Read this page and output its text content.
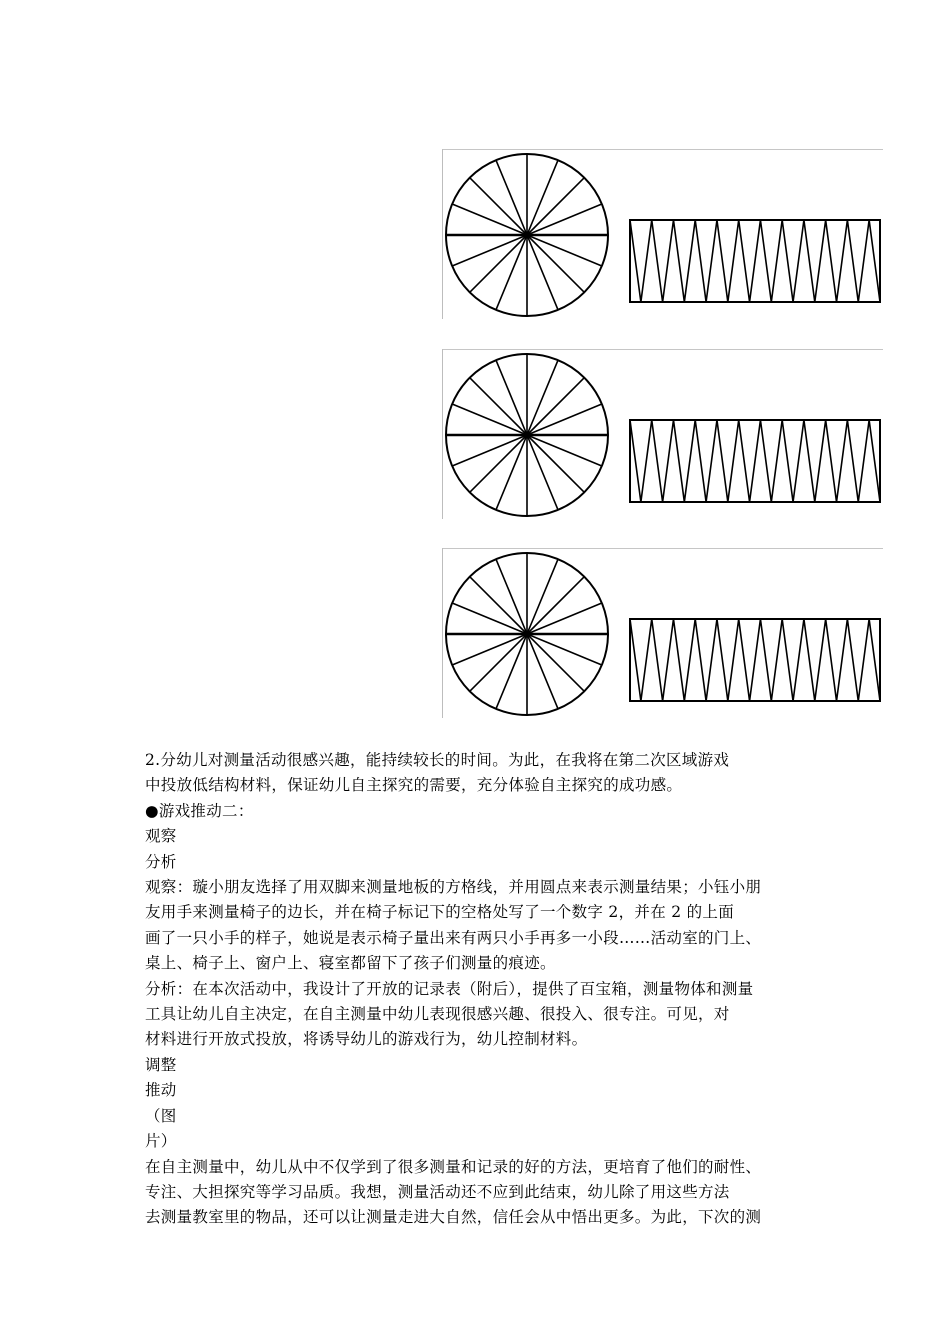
2.分幼儿对测量活动很感兴趣，能持续较长的时间。为此，在我将在第二次区域游戏

中投放低结构材料，保证幼儿自主探究的需要，充分体验自主探究的成功感。

●游戏推动二：

观察

分析

观察：璇小朋友选择了用双脚来测量地板的方格线，并用圆点来表示测量结果；小钰小朋

友用手来测量椅子的边长，并在椅子标记下的空格处写了一个数字 2，并在 2 的上面

画了一只小手的样子，她说是表示椅子量出来有两只小手再多一小段……活动室的门上、

桌上、椅子上、窗户上、寝室都留下了孩子们测量的痕迹。

分析：在本次活动中，我设计了开放的记录表（附后），提供了百宝箱，测量物体和测量

工具让幼儿自主决定，在自主测量中幼儿表现很感兴趣、很投入、很专注。可见，对

材料进行开放式投放，将诱导幼儿的游戏行为，幼儿控制材料。

调整

推动

（图

片）

在自主测量中，幼儿从中不仅学到了很多测量和记录的好的方法，更培育了他们的耐性、

专注、大担探究等学习品质。我想，测量活动还不应到此结束，幼儿除了用这些方法

去测量教室里的物品，还可以让测量走进大自然，信任会从中悟出更多。为此，下次的测
